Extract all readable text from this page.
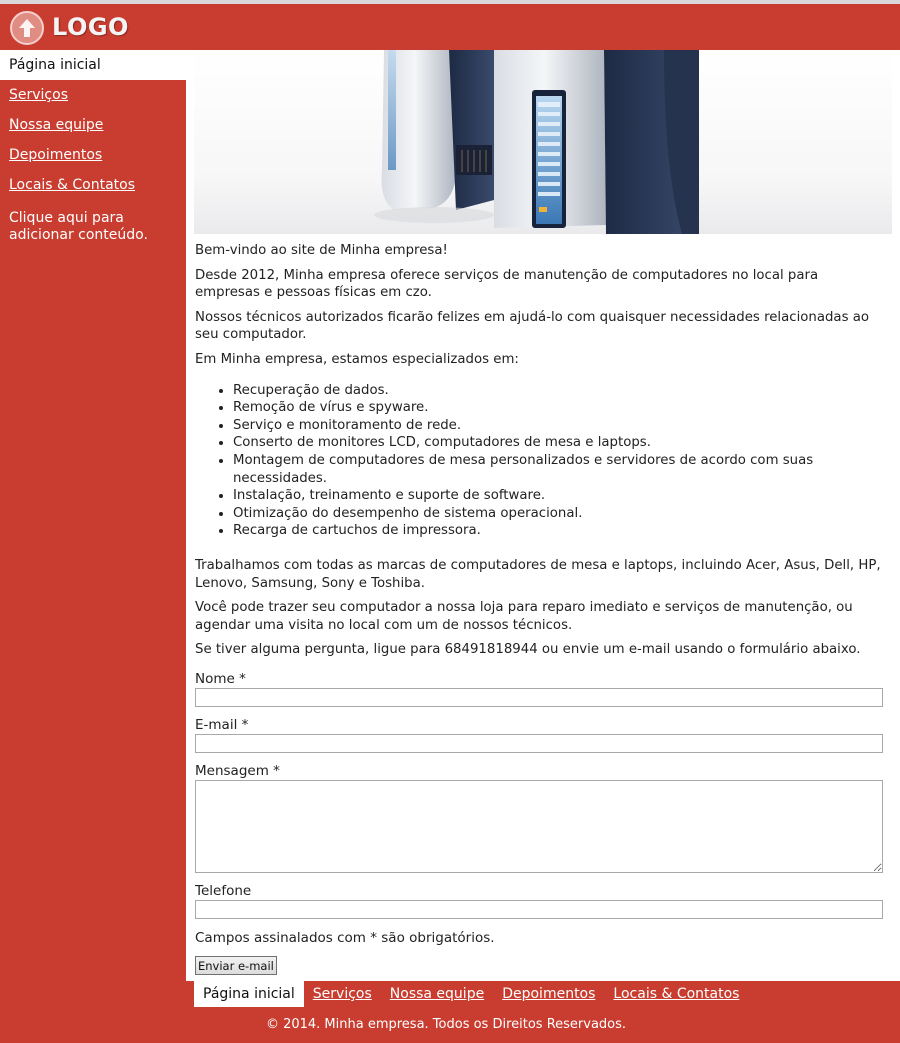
LOGO
Página inicial
Serviços
Nossa equipe
Depoimentos
Locais & Contatos
Clique aqui para adicionar conteúdo.

Bem-vindo ao site de Minha empresa!

Desde 2012, Minha empresa oferece serviços de manutenção de computadores no local para empresas e pessoas físicas em czo.

Nossos técnicos autorizados ficarão felizes em ajudá-lo com quaisquer necessidades relacionadas ao seu computador.

Em Minha empresa, estamos especializados em:

• Recuperação de dados.
• Remoção de vírus e spyware.
• Serviço e monitoramento de rede.
• Conserto de monitores LCD, computadores de mesa e laptops.
• Montagem de computadores de mesa personalizados e servidores de acordo com suas necessidades.
• Instalação, treinamento e suporte de software.
• Otimização do desempenho de sistema operacional.
• Recarga de cartuchos de impressora.

Trabalhamos com todas as marcas de computadores de mesa e laptops, incluindo Acer, Asus, Dell, HP, Lenovo, Samsung, Sony e Toshiba.

Você pode trazer seu computador a nossa loja para reparo imediato e serviços de manutenção, ou agendar uma visita no local com um de nossos técnicos.

Se tiver alguma pergunta, ligue para 68491818944 ou envie um e-mail usando o formulário abaixo.

Nome *
E-mail *
Mensagem *
Telefone
Campos assinalados com * são obrigatórios.
Enviar e-mail
Página inicial	Serviços	Nossa equipe	Depoimentos	Locais & Contatos
© 2014. Minha empresa. Todos os Direitos Reservados.
